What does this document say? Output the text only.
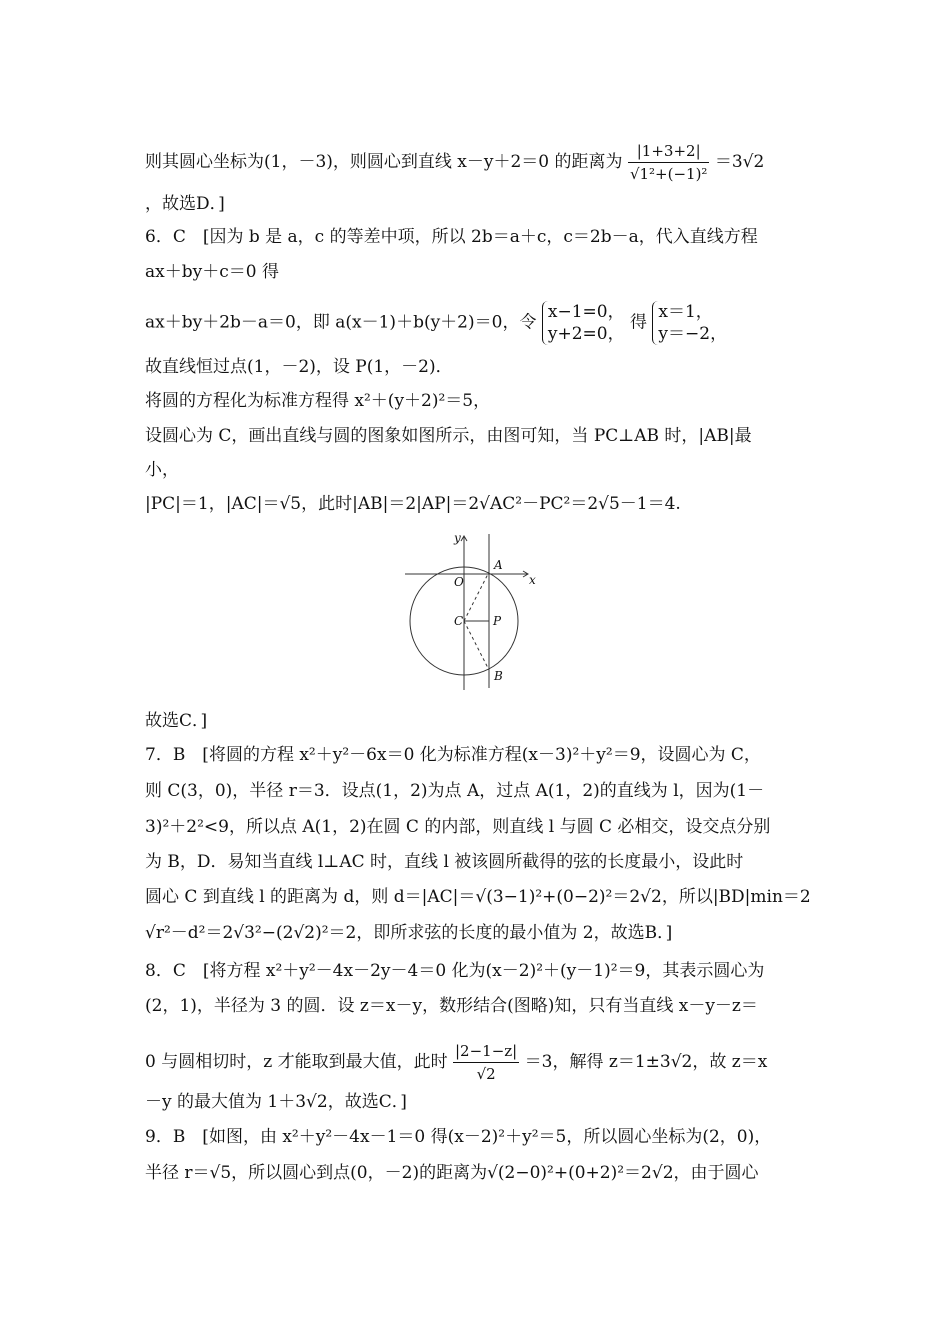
则其圆心坐标为(1，－3)，则圆心到直线 x－y＋2＝0 的距离为 $\frac{|1+3+2|}{\text{√1²+(−1)²}} =3√2$
，故选D．]
6．C　[因为 b 是 a，c 的等差中项，所以 2b＝a＋c，c＝2b－a，代入直线方程
ax＋by＋c＝0 得
ax＋by＋2b－a＝0，即 a(x－1)＋b(y＋2)＝0，令
x−1=0，
y+2=0，
得
x＝1，
y＝−2，
故直线恒过点(1，－2)，设 P(1，－2)．
将圆的方程化为标准方程得 x²＋(y＋2)²＝5，
设圆心为 C，画出直线与圆的图象如图所示，由图可知，当 PC⊥AB 时，|AB|最
小，
|PC|＝1，|AC|＝√5，此时|AB|＝2|AP|＝2√AC²－PC²＝2√5－1＝4.
y
x
O
A
C P
B
故选C．]
7．B　[将圆的方程 x²＋y²－6x＝0 化为标准方程(x－3)²＋y²＝9，设圆心为 C，
则 C(3，0)，半径 r＝3．设点(1，2)为点 A，过点 A(1，2)的直线为 l，因为(1－
3)²＋2²<9，所以点 A(1，2)在圆 C 的内部，则直线 l 与圆 C 必相交，设交点分别
为 B，D．易知当直线 l⊥AC 时，直线 l 被该圆所截得的弦的长度最小，设此时
圆心 C 到直线 l 的距离为 d，则 d＝|AC|＝√(3−1)²+(0−2)²＝2√2，所以|BD|min＝2
√r²－d²＝2√3²−(2√2)²＝2，即所求弦的长度的最小值为 2，故选B．]
8．C　[将方程 x²＋y²－4x－2y－4＝0 化为(x－2)²＋(y－1)²＝9，其表示圆心为
(2，1)，半径为 3 的圆．设 z＝x－y，数形结合(图略)知，只有当直线 x－y－z＝
0 与圆相切时，z 才能取到最大值，此时 $\frac{|2-1-z|}{√2} =3$，解得 z＝1±3√2，故 z＝x
－y 的最大值为 1＋3√2，故选C．]
9．B　[如图，由 x²＋y²－4x－1＝0 得(x－2)²＋y²＝5，所以圆心坐标为(2，0)，
半径 r＝√5，所以圆心到点(0，－2)的距离为√(2−0)²+(0+2)²＝2√2，由于圆心
